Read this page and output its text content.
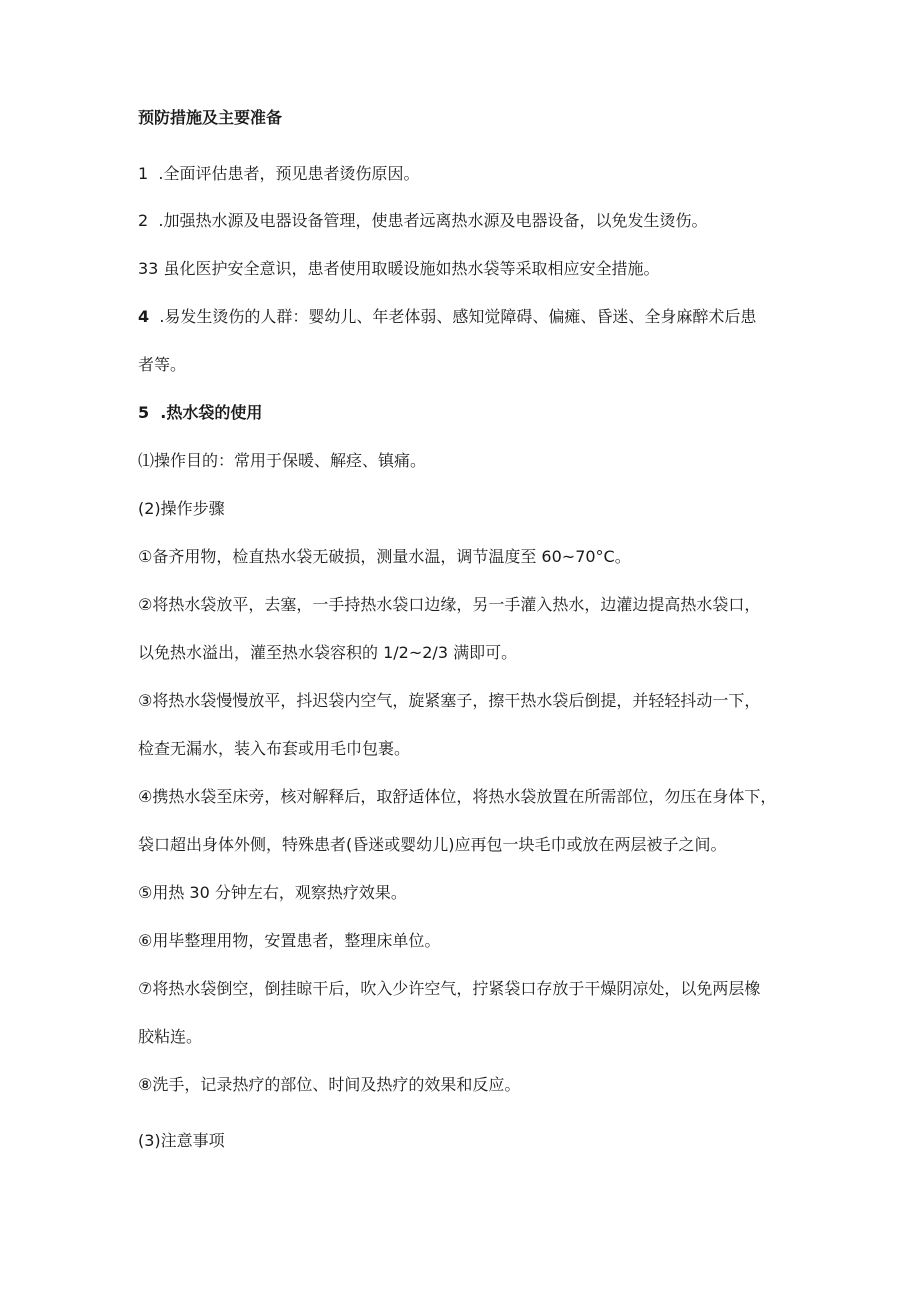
预防措施及主要准备
1  .全面评估患者，预见患者烫伤原因。
2  .加强热水源及电器设备管理，使患者远离热水源及电器设备，以免发生烫伤。
33 虽化医护安全意识，患者使用取暖设施如热水袋等采取相应安全措施。
4  .易发生烫伤的人群：婴幼儿、年老体弱、感知觉障碍、偏瘫、昏迷、全身麻醉术后患
者等。
5  .热水袋的使用
⑴操作目的：常用于保暖、解痉、镇痛。
(2)操作步骤
①备齐用物，检直热水袋无破损，测量水温，调节温度至 60~70°C。
②将热水袋放平，去塞，一手持热水袋口边缘，另一手灌入热水，边灌边提高热水袋口，
以免热水溢出，灌至热水袋容积的 1/2~2/3 满即可。
③将热水袋慢慢放平，抖迟袋内空气，旋紧塞子，擦干热水袋后倒提，并轻轻抖动一下，
检查无漏水，装入布套或用毛巾包裹。
④携热水袋至床旁，核对解释后，取舒适体位，将热水袋放置在所需部位，勿压在身体下，
袋口超出身体外侧，特殊患者(昏迷或婴幼儿)应再包一块毛巾或放在两层被子之间。
⑤用热 30 分钟左右，观察热疗效果。
⑥用毕整理用物，安置患者，整理床单位。
⑦将热水袋倒空，倒挂晾干后，吹入少许空气，拧紧袋口存放于干燥阴凉处，以免两层橡
胶粘连。
⑧洗手，记录热疗的部位、时间及热疗的效果和反应。
(3)注意事项
